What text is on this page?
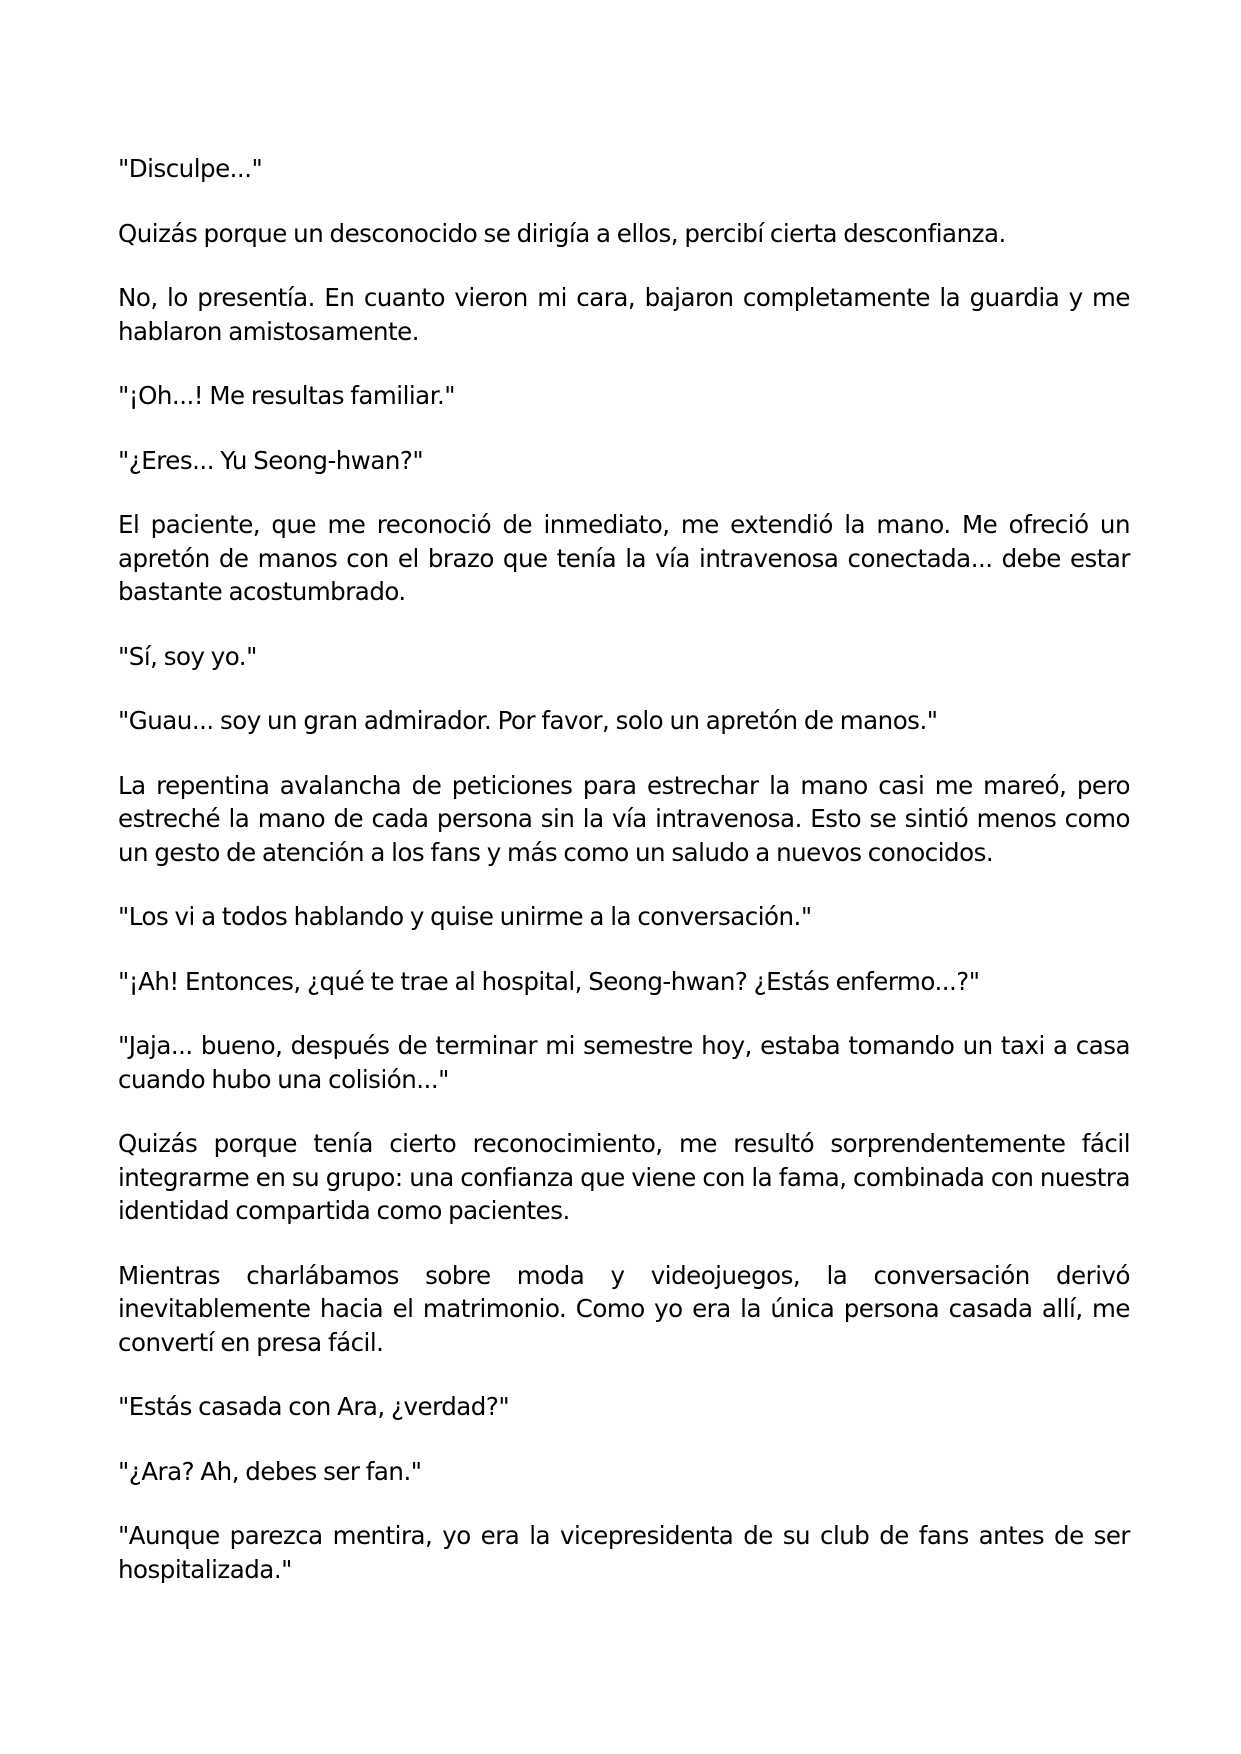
"Disculpe..."

Quizás porque un desconocido se dirigía a ellos, percibí cierta desconfianza.

No, lo presentía. En cuanto vieron mi cara, bajaron completamente la guardia y me hablaron amistosamente.

"¡Oh...! Me resultas familiar."

"¿Eres... Yu Seong-hwan?"

El paciente, que me reconoció de inmediato, me extendió la mano. Me ofreció un apretón de manos con el brazo que tenía la vía intravenosa conectada... debe estar bastante acostumbrado.

"Sí, soy yo."

"Guau... soy un gran admirador. Por favor, solo un apretón de manos."

La repentina avalancha de peticiones para estrechar la mano casi me mareó, pero estreché la mano de cada persona sin la vía intravenosa. Esto se sintió menos como un gesto de atención a los fans y más como un saludo a nuevos conocidos.

"Los vi a todos hablando y quise unirme a la conversación."

"¡Ah! Entonces, ¿qué te trae al hospital, Seong-hwan? ¿Estás enfermo...?"

"Jaja... bueno, después de terminar mi semestre hoy, estaba tomando un taxi a casa cuando hubo una colisión..."

Quizás porque tenía cierto reconocimiento, me resultó sorprendentemente fácil integrarme en su grupo: una confianza que viene con la fama, combinada con nuestra identidad compartida como pacientes.

Mientras charlábamos sobre moda y videojuegos, la conversación derivó inevitablemente hacia el matrimonio. Como yo era la única persona casada allí, me convertí en presa fácil.

"Estás casada con Ara, ¿verdad?"

"¿Ara? Ah, debes ser fan."

"Aunque parezca mentira, yo era la vicepresidenta de su club de fans antes de ser hospitalizada."
